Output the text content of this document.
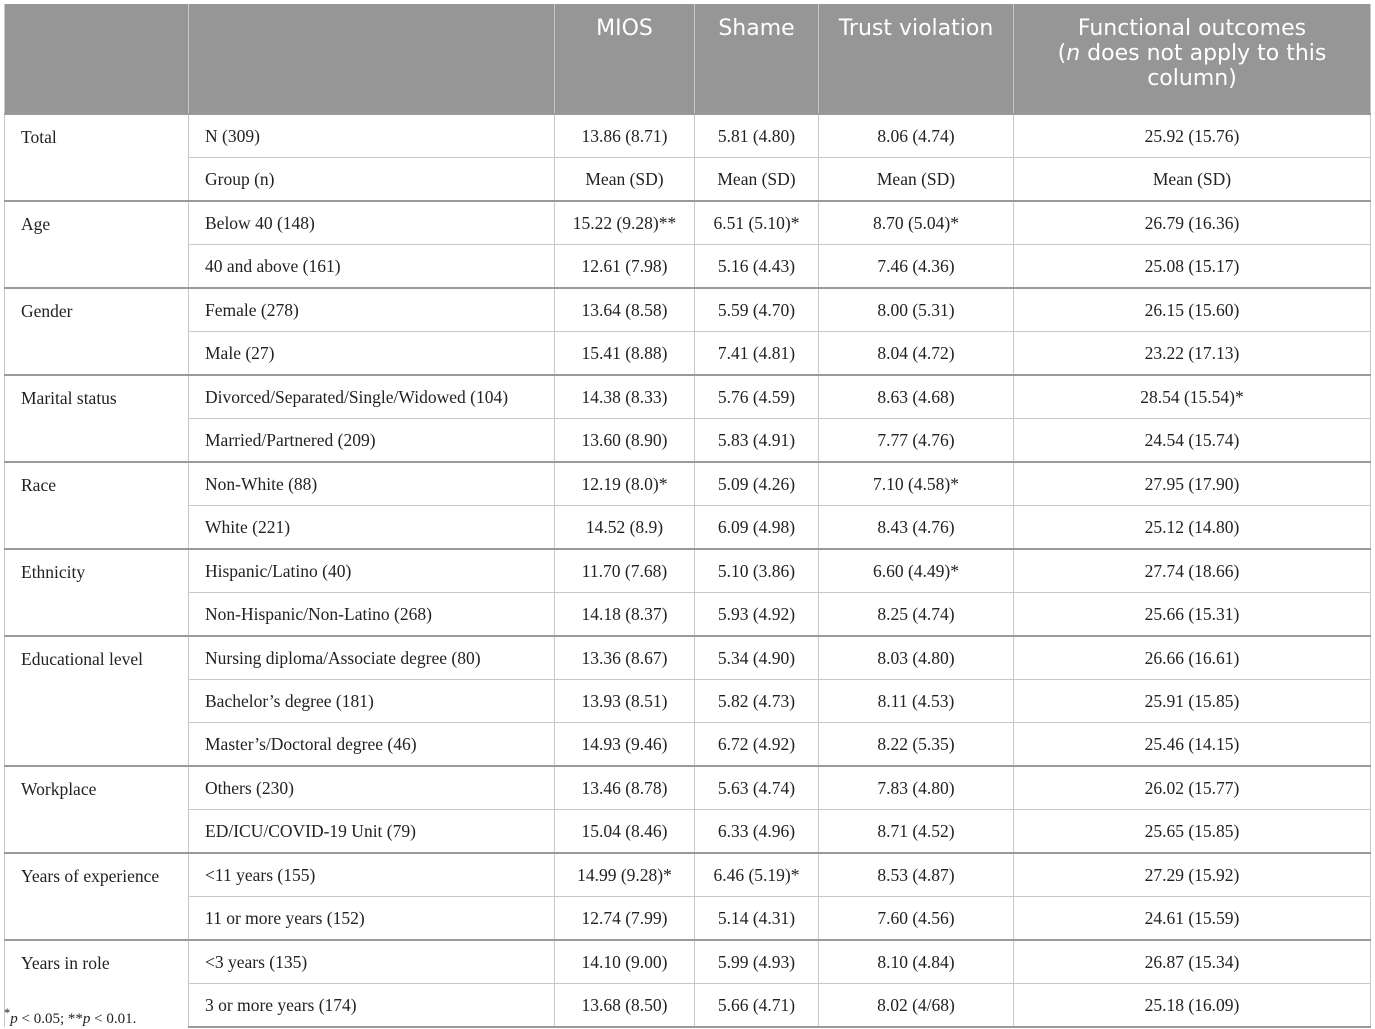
		MIOS	Shame	Trust violation	Functional outcomes
(n does not apply to this column)
Total	N (309)	13.86 (8.71)	5.81 (4.80)	8.06 (4.74)	25.92 (15.76)
	Group (n)	Mean (SD)	Mean (SD)	Mean (SD)	Mean (SD)
Age	Below 40 (148)	15.22 (9.28)**	6.51 (5.10)*	8.70 (5.04)*	26.79 (16.36)
	40 and above (161)	12.61 (7.98)	5.16 (4.43)	7.46 (4.36)	25.08 (15.17)
Gender	Female (278)	13.64 (8.58)	5.59 (4.70)	8.00 (5.31)	26.15 (15.60)
	Male (27)	15.41 (8.88)	7.41 (4.81)	8.04 (4.72)	23.22 (17.13)
Marital status	Divorced/Separated/Single/Widowed (104)	14.38 (8.33)	5.76 (4.59)	8.63 (4.68)	28.54 (15.54)*
	Married/Partnered (209)	13.60 (8.90)	5.83 (4.91)	7.77 (4.76)	24.54 (15.74)
Race	Non-White (88)	12.19 (8.0)*	5.09 (4.26)	7.10 (4.58)*	27.95 (17.90)
	White (221)	14.52 (8.9)	6.09 (4.98)	8.43 (4.76)	25.12 (14.80)
Ethnicity	Hispanic/Latino (40)	11.70 (7.68)	5.10 (3.86)	6.60 (4.49)*	27.74 (18.66)
	Non-Hispanic/Non-Latino (268)	14.18 (8.37)	5.93 (4.92)	8.25 (4.74)	25.66 (15.31)
Educational level	Nursing diploma/Associate degree (80)	13.36 (8.67)	5.34 (4.90)	8.03 (4.80)	26.66 (16.61)
	Bachelor’s degree (181)	13.93 (8.51)	5.82 (4.73)	8.11 (4.53)	25.91 (15.85)
	Master’s/Doctoral degree (46)	14.93 (9.46)	6.72 (4.92)	8.22 (5.35)	25.46 (14.15)
Workplace	Others (230)	13.46 (8.78)	5.63 (4.74)	7.83 (4.80)	26.02 (15.77)
	ED/ICU/COVID-19 Unit (79)	15.04 (8.46)	6.33 (4.96)	8.71 (4.52)	25.65 (15.85)
Years of experience	<11 years (155)	14.99 (9.28)*	6.46 (5.19)*	8.53 (4.87)	27.29 (15.92)
	11 or more years (152)	12.74 (7.99)	5.14 (4.31)	7.60 (4.56)	24.61 (15.59)
Years in role	<3 years (135)	14.10 (9.00)	5.99 (4.93)	8.10 (4.84)	26.87 (15.34)
	3 or more years (174)	13.68 (8.50)	5.66 (4.71)	8.02 (4/68)	25.18 (16.09)
*p < 0.05; **p < 0.01.
